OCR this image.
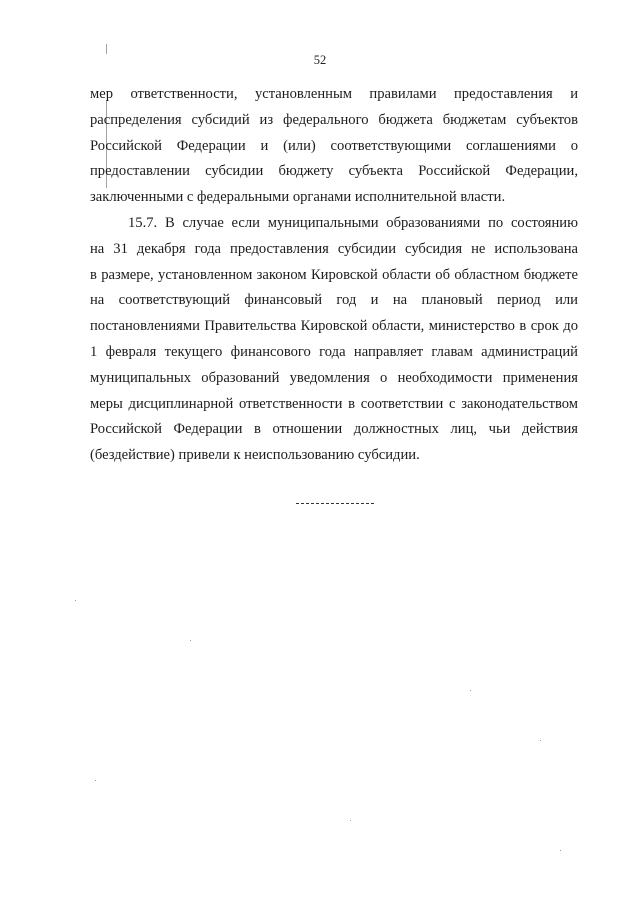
52
мер ответственности, установленным правилами предоставления и
распределения субсидий из федерального бюджета бюджетам субъектов
Российской Федерации и (или) соответствующими соглашениями о
предоставлении субсидии бюджету субъекта Российской Федерации,
заключенными с федеральными органами исполнительной власти.
15.7. В случае если муниципальными образованиями по состоянию
на 31 декабря года предоставления субсидии субсидия не использована
в размере, установленном законом Кировской области об областном бюджете
на соответствующий финансовый год и на плановый период или
постановлениями Правительства Кировской области, министерство в срок до
1 февраля текущего финансового года направляет главам администраций
муниципальных образований уведомления о необходимости применения
меры дисциплинарной ответственности в соответствии с законодательством
Российской Федерации в отношении должностных лиц, чьи действия
(бездействие) привели к неиспользованию субсидии.
